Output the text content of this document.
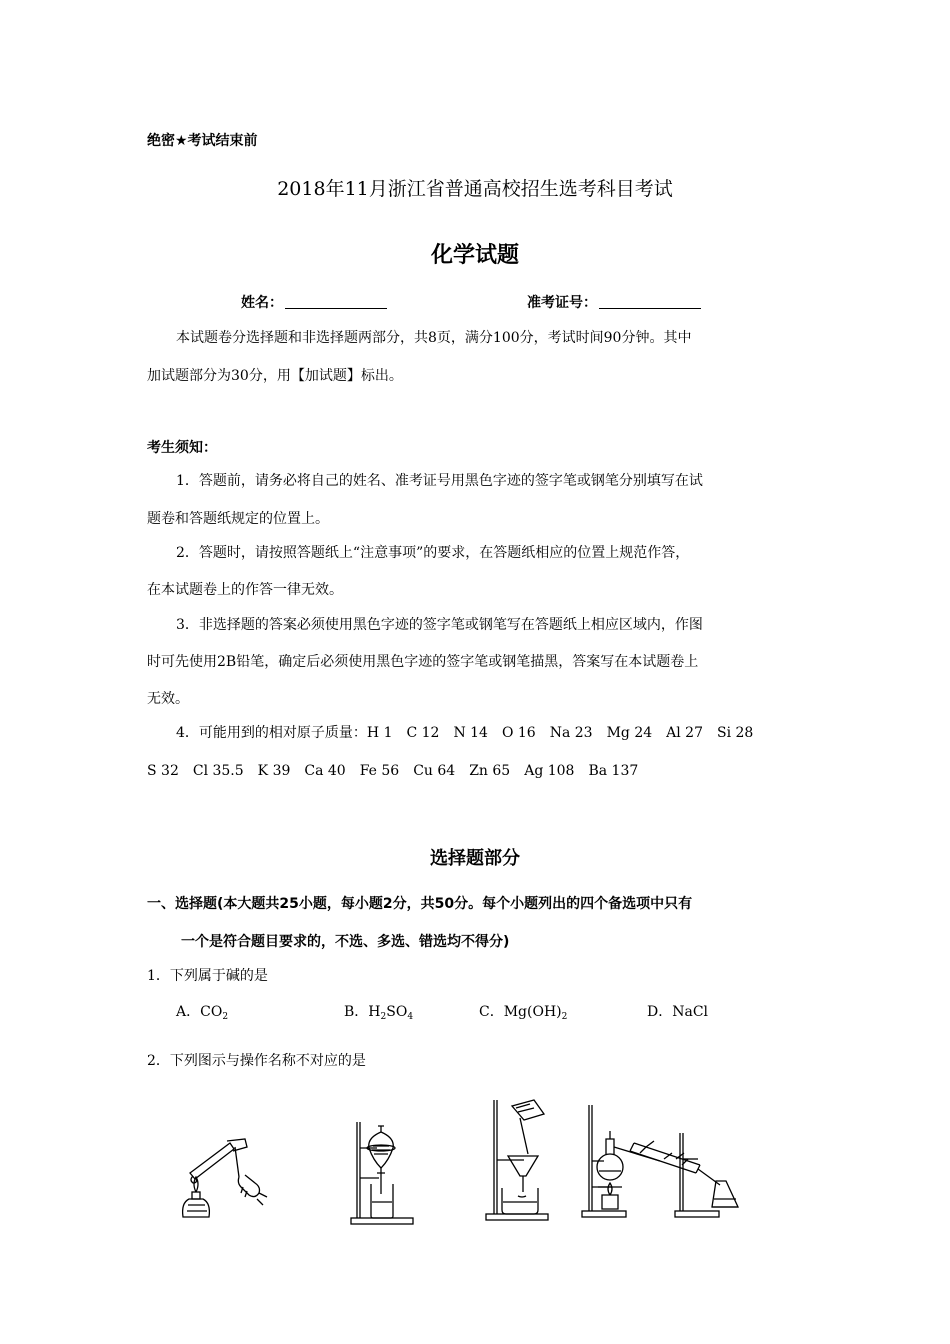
绝密★考试结束前
2018年11月浙江省普通高校招生选考科目考试
化学试题
姓名：	准考证号：
本试题卷分选择题和非选择题两部分，共8页，满分100分，考试时间90分钟。其中
加试题部分为30分，用【加试题】标出。
考生须知：
1．答题前，请务必将自己的姓名、准考证号用黑色字迹的签字笔或钢笔分别填写在试
题卷和答题纸规定的位置上。
2．答题时，请按照答题纸上“注意事项”的要求，在答题纸相应的位置上规范作答，
在本试题卷上的作答一律无效。
3．非选择题的答案必须使用黑色字迹的签字笔或钢笔写在答题纸上相应区域内，作图
时可先使用2B铅笔，确定后必须使用黑色字迹的签字笔或钢笔描黑，答案写在本试题卷上
无效。
4．可能用到的相对原子质量：H 1　C 12　N 14　O 16　Na 23　Mg 24　Al 27　Si 28
S 32　Cl 35.5　K 39　Ca 40　Fe 56　Cu 64　Zn 65　Ag 108　Ba 137
选择题部分
一、选择题(本大题共25小题，每小题2分，共50分。每个小题列出的四个备选项中只有
一个是符合题目要求的，不选、多选、错选均不得分)
1．下列属于碱的是
A．$CO_2$	B．$H_2SO_4$	C．$Mg(OH)_2$	D．NaCl
2．下列图示与操作名称不对应的是
